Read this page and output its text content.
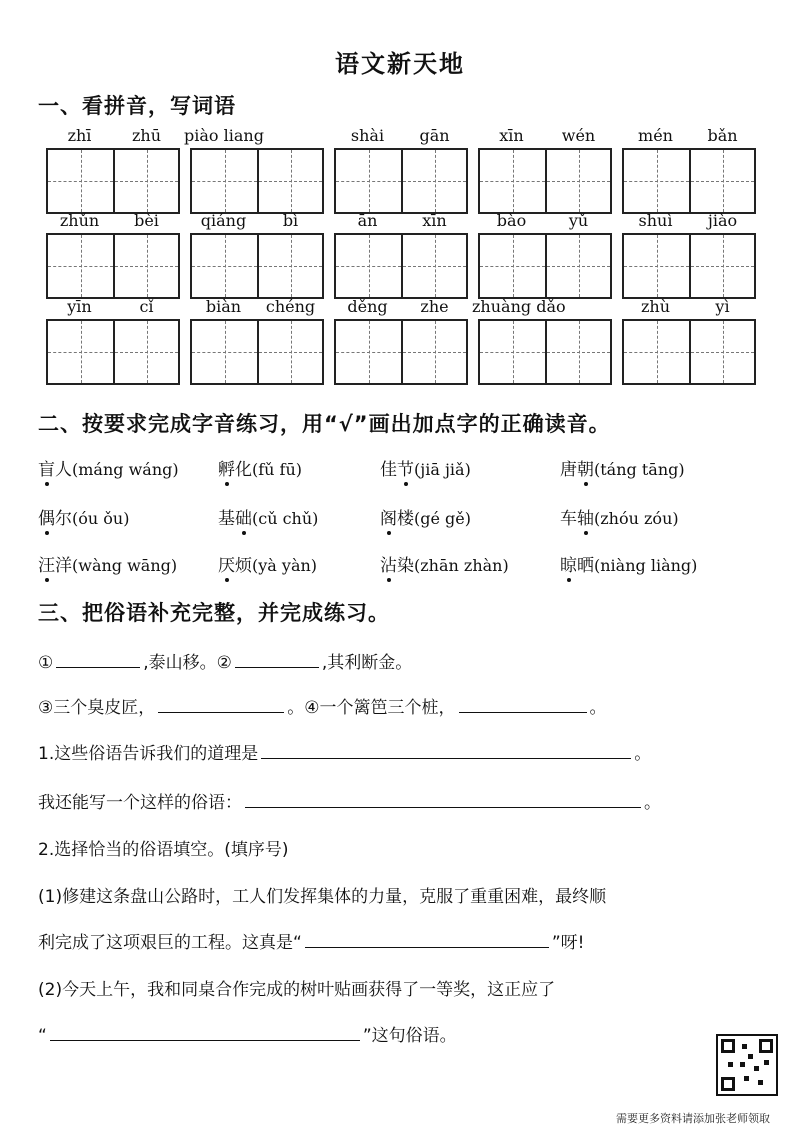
语文新天地
一、看拼音，写词语
zhī	zhū	piào liang	shài	gān	xīn	wén	mén	bǎn
zhǔn	bèi	qiáng	bì	ān	xīn	bào	yǔ	shuì	jiào
yīn	cǐ	biàn	chéng	děng	zhe	zhuàng dǎo	zhù	yì
二、按要求完成字音练习，用“√”画出加点字的正确读音。
盲人(máng wáng) 孵化(fǔ fū)	佳节(jiā jiǎ)	唐朝(táng tāng)
偶尔(óu ǒu)	基础(cǔ chǔ)	阁楼(gé gě)	车轴(zhóu zóu)
汪洋(wàng wāng) 厌烦(yà yàn)	沾染(zhān zhàn)	晾晒(niàng liàng)
三、把俗语补充完整，并完成练习。
①	,泰山移。②	,其利断金。
③三个臭皮匠，	。④一个篱笆三个桩，	。
1.这些俗语告诉我们的道理是	。
我还能写一个这样的俗语：	。
2.选择恰当的俗语填空。(填序号)
(1)修建这条盘山公路时，工人们发挥集体的力量，克服了重重困难，最终顺
利完成了这项艰巨的工程。这真是“	”呀!
(2)今天上午，我和同桌合作完成的树叶贴画获得了一等奖，这正应了
“	”这句俗语。
需要更多资料请添加张老师领取
